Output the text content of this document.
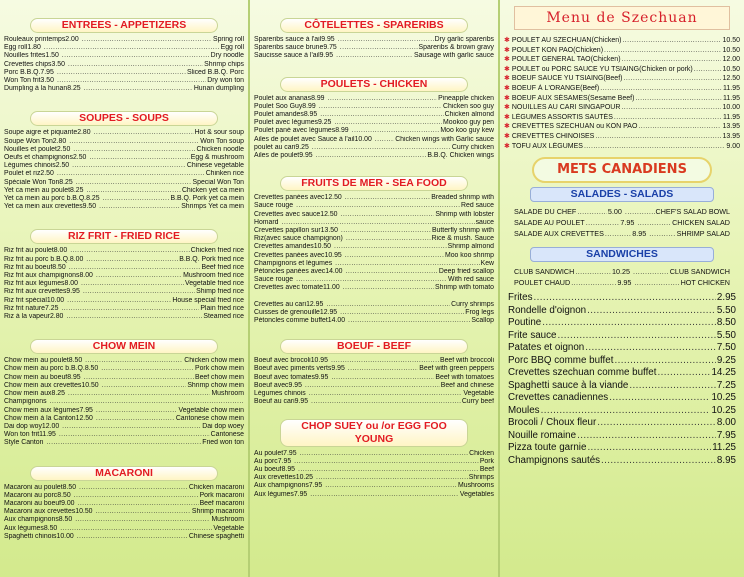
ENTREES - APPETIZERS
Rouleaux printemps 2.00 .....	Spring roll
Egg roll 1.80 .....	Egg roll
Nouilles frites 1.50 .....	Dry noodle
Crevettes chips 3.50 .....	Shrimp chips
Porc B.B.Q. 7.95 .....	Sliced B.B.Q. Porc
Won Ton frit 3.50 .....	Dry won ton
Dumpling à la hunan 8.25 .....	Hunan dumpling
SOUPES - SOUPS
Soupe aigre et piquante 2.80 .....	Hot & sour soup
Soupe Won Ton 2.80 .....	Won Ton soup
Nouilles et poulet 2.50 .....	Chicken noodle
Oeufs et champignons 2.50 .....	Egg & mushroom
Légumes chinois 2.50 .....	Chinese vegetable
Poulet et riz 2.50 .....	Chinken rice
Spéciale Won Ton 8.25 .....	Special Won Ton
Yet ca mein au poulet 8.25 .....	Chicken yet ca mein
Yet ca mein au porc b.B.Q. 8.25 .....	B.B.Q. Pork yet ca mein
Yet ca mein aux crevettes 9.50 .....	Shrimps Yet ca mein
RIZ FRIT - FRIED RICE
Riz frit au poulet 8.00 .....	Chicken fried rice
Riz frit au porc b.B.Q. 8.00 .....	B.B.Q. Pork fried rice
Riz frit au boeuf 8.50 .....	Beef fried rice
Riz frit aux champignons 8.00 .....	Mushroom fried rice
Riz frit aux légumes 8.00 .....	Vegetable fried rice
Riz frit aux crevettes 9.95 .....	Shimp fried rice
Riz frit spécial 10.00 .....	House special fried rice
Riz frit nature 7.25 .....	Plain fried rice
Riz à la vapeur 2.80 .....	Steamed rice
CHOW MEIN
Chow mein au poulet 8.50 .....	Chicken chow mein
Chow mein au porc b.B.Q. 8.50 .....	Pork chow mein
Chow mein au boeuf 8.95 .....	Beef chow mein
Chow mein aux crevettes 10.50 .....	Shrimp chow mein
Chow mein aux 8.25 .....	Mushroom
Champignons
.....
Chow mein aux légumes 7.95 .....	Vegetable chow mein
Chow mein à la Canton 12.50 .....	Cantonese chow mein
Dai dop woy 12.00 .....	Dai dop woey
Won ton frit 11.95 .....	Cantonese
Style Canton .....	Fried won ton
MACARONI
Macaroni au poulet 8.50 .....	Chicken macaroni
Macaroni au porc 8.50 .....	Pork macaroni
Macaroni au boeuf 9.00 .....	Beef macaroni
Macaroni aux crevettes 10.50 .....	Shrimp macaroni
Aux champignons 8.50 .....	Mushroom
Aux légumes 8.50 .....	Vegetable
Spaghetti chinois 10.00 .....	Chinese spaghetti
CÔTELETTES - SPARERIBS
Spareribs sauce à l'ail 9.95 .....	Dry garlic spareribs
Spareribs sauce brune 9.75 .....	Spareribs & brown gravy
Saucisse sauce à l'ail 9.95 .....	Sausage with garlic sauce
POULETS - CHICKEN
Poulet aux ananas 8.99 .....	Pineapple chicken
Poulet Soo Guy 8.99 .....	Chicken soo guy
Poulet amandes 8.95 .....	Chicken almond
Poulet avec légumes 9.25 .....	Mookoo guy pen
Poulet pané avec légumes 8.99 .....	Moo koo guy kew
Ailes de poulet avec Sauce à l'ail 10.00 .....	Chicken wings with Garlic sauce
poulet au cari 9.25 .....	Curry chicken
Ailes de poulet 9.95 .....	B.B.Q. Chicken wings
FRUITS DE MER - SEA FOOD
Crevettes panées avec 12.50 .....	Breaded shrimp with
Sauce rouge .....	Red sauce
Crevettes avec sauce 12.50 .....	Shrimp with lobster
Homard .....	sauce
Crevettes papillon sur 13.50 .....	Butterfly shrimp with
Riz(avec sauce champignon) .....	Rice & mush. Sauce
Crevettes amandes 10.50 .....	Shrimp almond
Crevettes panées avec 10.95 .....	Moo koo shrimp
Champignons et légumes .....	Kew
Pétoncles panées avec 14.00 .....	Deep fried scallop
Sauce rouge .....	With red sauce
Crevettes avec tomate 11.00 .....	Shrimp with tomato
Crevettes au cari 12.95 .....	Curry shrimps
Cuisses de grenouille 12.95 .....	Frog legs
Pétoncles comme buffet 14.00 .....	Scallop
BOEUF - BEEF
Boeuf avec brocoli 10.95 .....	Beef with broccoli
Boeuf avec piments verts 9.95 .....	Beef with green peppers
Boeuf avec tomates 9.95 .....	Beef with tomatoes
Boeuf avec 9.95 .....	Beef and chinese
Légumes chinois .....	Vegetable
Boeuf au cari 9.95 .....	Curry beef
CHOP SUEY ou /or EGG FOO YOUNG
Au poulet 7.95 .....	Chicken
Au porc 7.95 .....	Pork
Au boeuf 8.95 .....	Beef
Aux crevettes 10.25 .....	Shrimps
Aux champignons 7.95 .....	Mushrooms
Aux légumes 7.95 .....	Vegetables
Menu de Szechuan
✱ POULET AU SZECHUAN(Chicken) .....	10.50
✱ POULET KON PAO(Chicken) .....	10.50
✱ POULET GENERAL TAO(Chicken) .....	12.00
✱ POULET ou PORC SAUCE YU TSIAING(Chicken or pork) .....	10.50
✱ BOEUF SAUCE YU TSIAING(Beef) .....	12.50
✱ BOEUF À L'ORANGE(Beef) .....	11.95
✱ BOEUF AUX SÉSAMES(Sesame Beef) .....	11.95
✱ NOUILLES AU CARI SINGAPOUR .....	10.00
✱ LÉGUMES ASSORTIS SAUTÉS .....	11.95
✱ CREVETTES SZECHUAN ou KON PAO .....	13.95
✱ CREVETTES CHINOISES .....	13.95
✱ TOFU AUX LÉGUMES .....	9.00
METS CANADIENS
SALADES - SALADS
SALADE DU CHEF .....	5.00 .....	CHEF'S SALAD BOWL
SALADE AU POULET .....	7.95 .....	CHICKEN SALAD
SALADE AUX CREVETTES .....	8.95 .....	SHRIMP SALAD
SANDWICHES
CLUB SANDWICH .....	10.25 .....	CLUB SANDWICH
POULET CHAUD .....	9.95 .....	HOT CHICKEN
Frites .....	2.95
Rondelle d'oignon .....	5.50
Poutine .....	8.50
Frite sauce .....	5.50
Patates et oignon .....	7.50
Porc BBQ comme buffet .....	9.25
Crevettes szechuan comme buffet .....	14.25
Spaghetti sauce à la viande .....	7.25
Crevettes canadiennes .....	10.25
Moules .....	10.25
Brocoli / Choux fleur .....	8.00
Nouille romaine .....	7.95
Pizza toute garnie .....	11.25
Champignons sautés .....	8.95
